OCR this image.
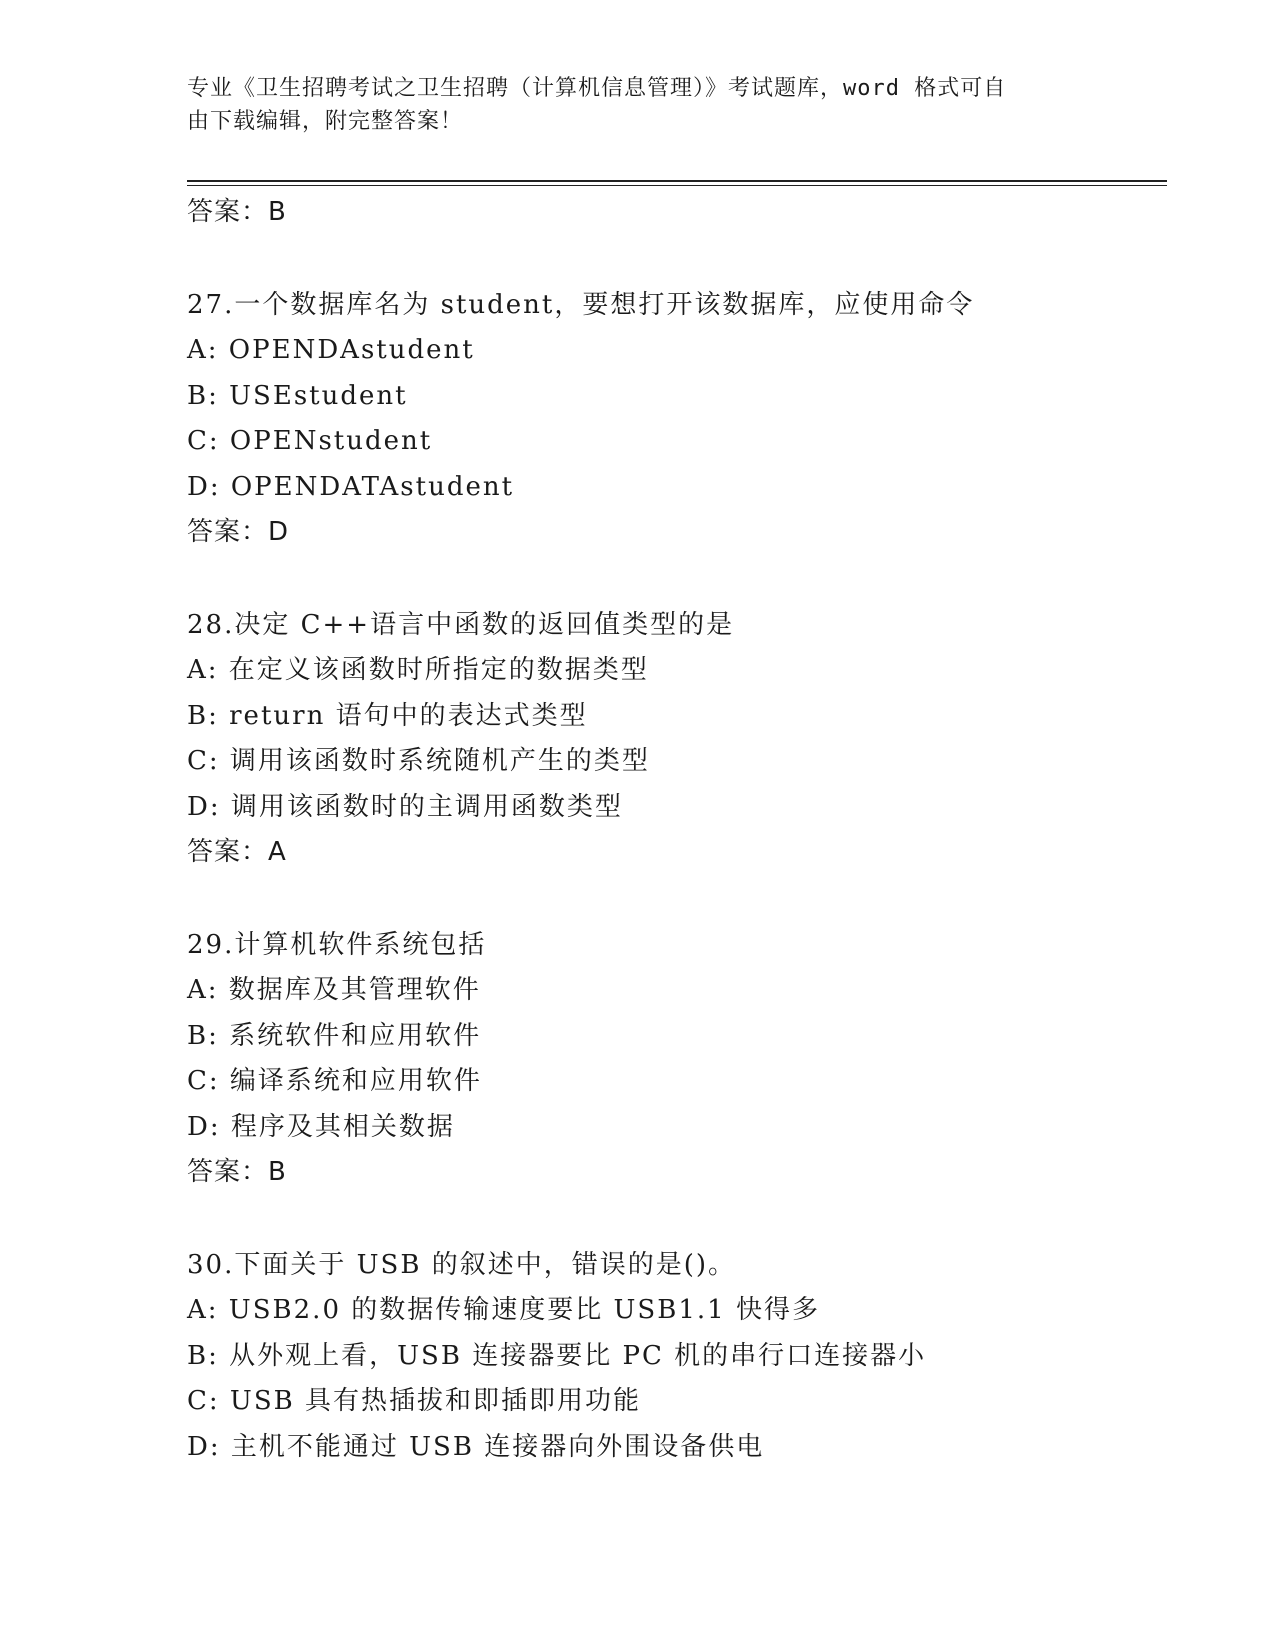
专业《卫生招聘考试之卫生招聘（计算机信息管理）》考试题库，word 格式可自
由下载编辑，附完整答案！
答案：B
27.一个数据库名为 student，要想打开该数据库，应使用命令
A: OPENDAstudent
B: USEstudent
C: OPENstudent
D: OPENDATAstudent
答案：D
28.决定 C++语言中函数的返回值类型的是
A: 在定义该函数时所指定的数据类型
B: return 语句中的表达式类型
C: 调用该函数时系统随机产生的类型
D: 调用该函数时的主调用函数类型
答案：A
29.计算机软件系统包括
A: 数据库及其管理软件
B: 系统软件和应用软件
C: 编译系统和应用软件
D: 程序及其相关数据
答案：B
30.下面关于 USB 的叙述中，错误的是()。
A: USB2.0 的数据传输速度要比 USB1.1 快得多
B: 从外观上看，USB 连接器要比 PC 机的串行口连接器小
C: USB 具有热插拔和即插即用功能
D: 主机不能通过 USB 连接器向外围设备供电
